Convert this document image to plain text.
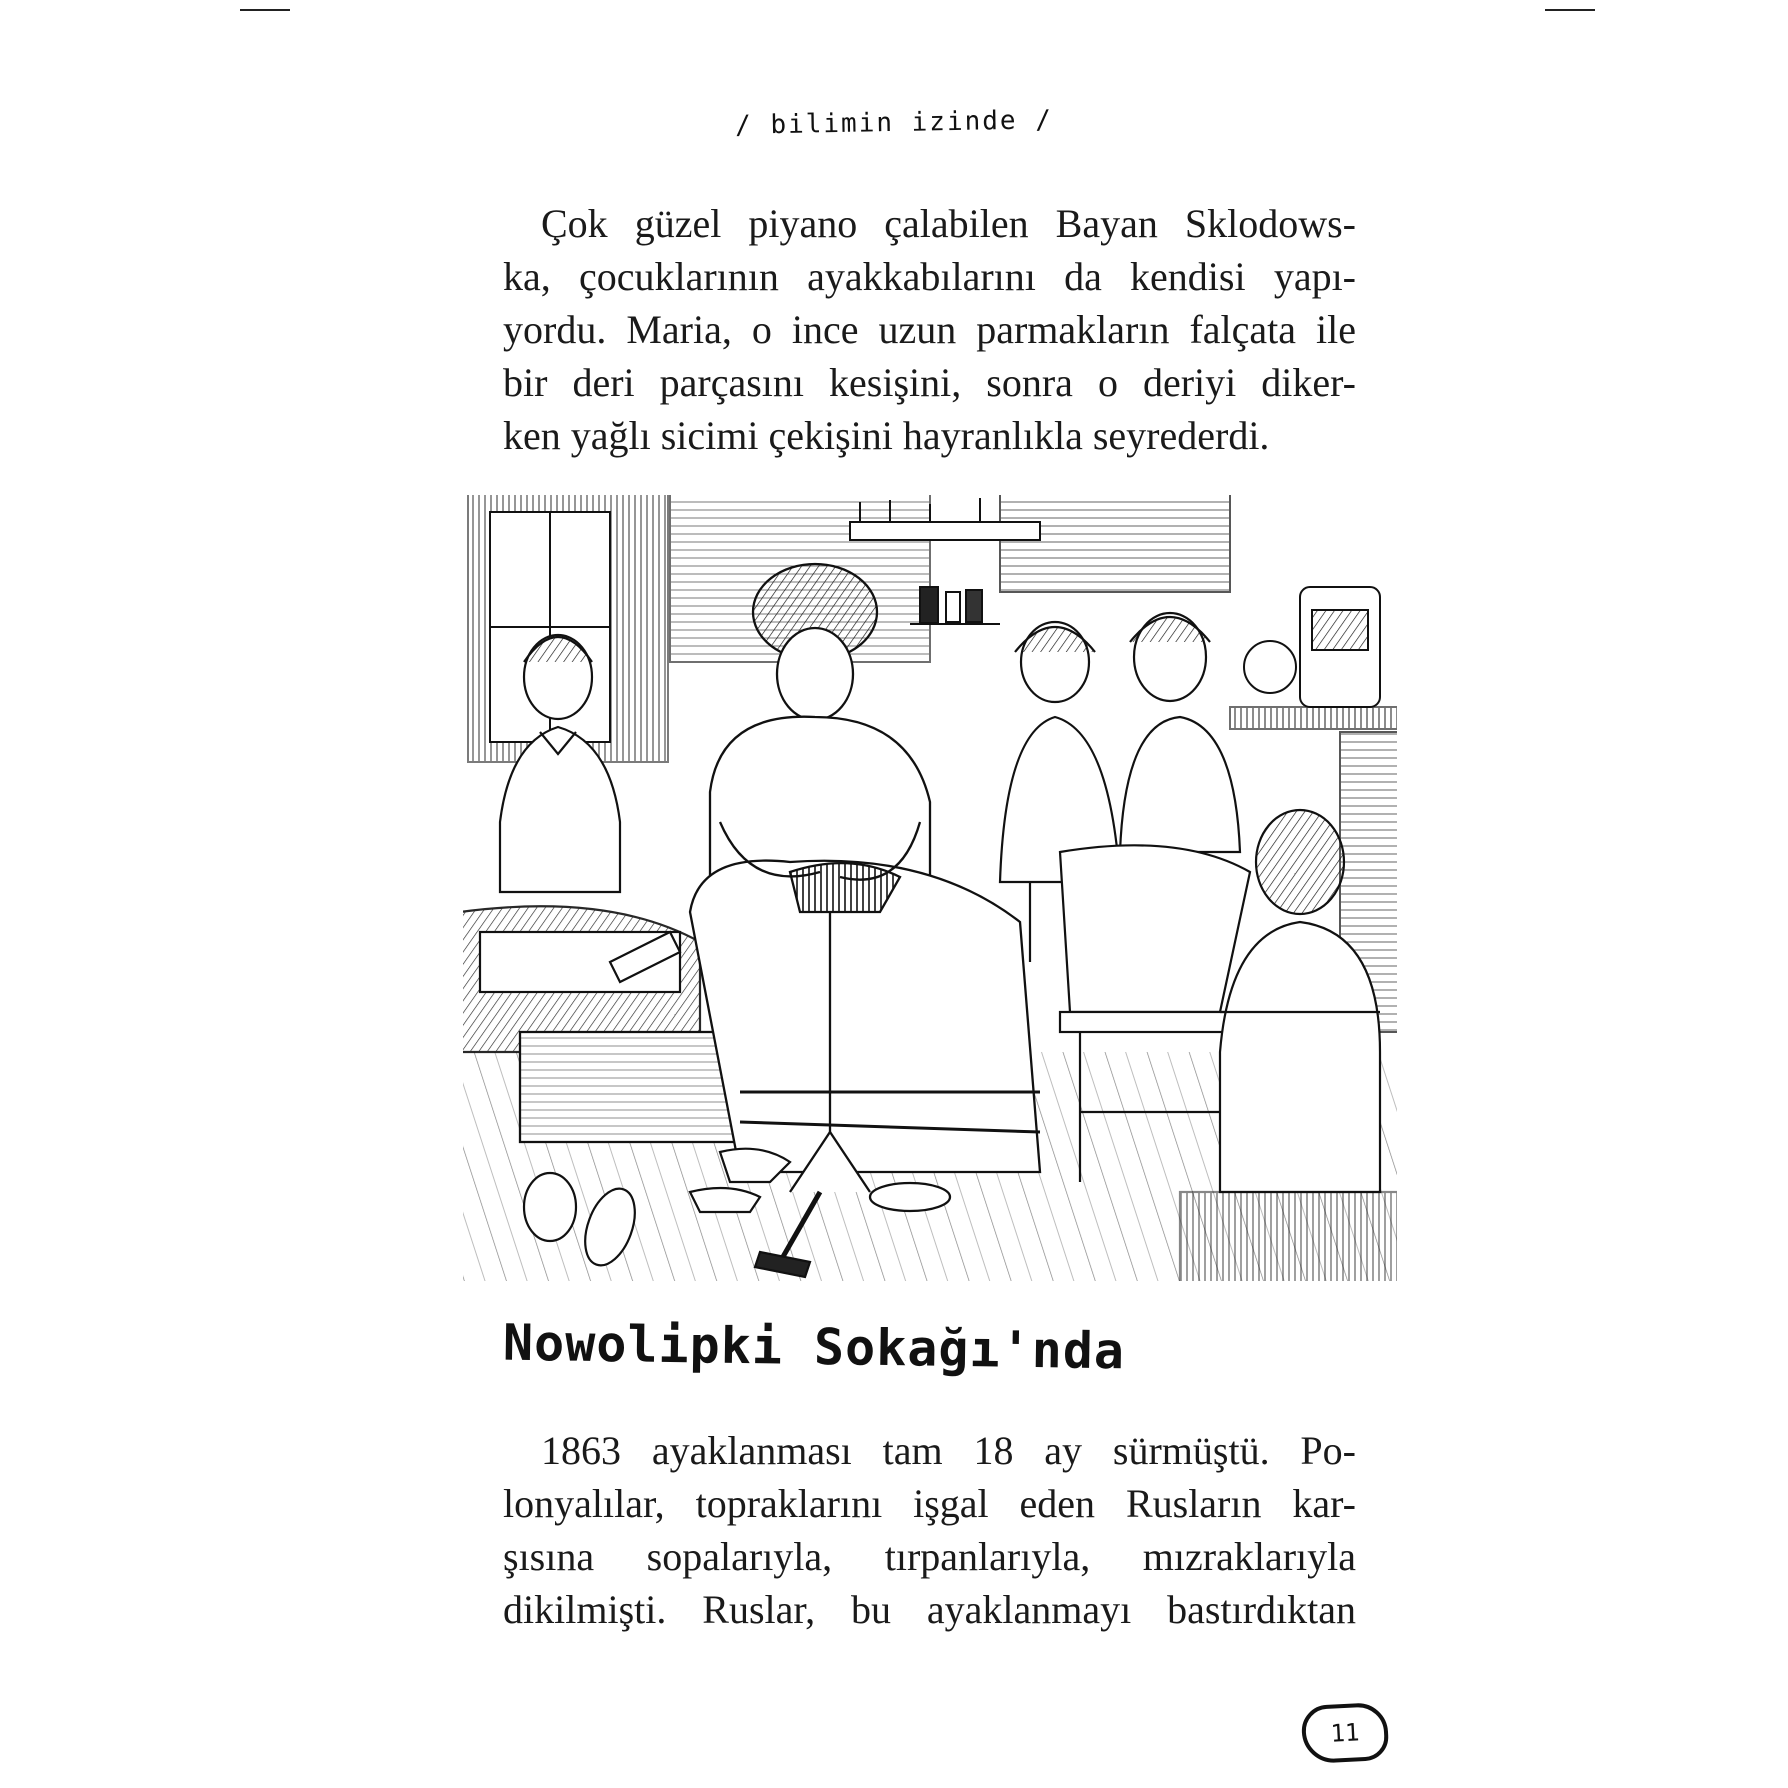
/ bilimin izinde /

Çok güzel piyano çalabilen Bayan Sklodows-
ka, çocuklarının ayakkabılarını da kendisi yapı-
yordu. Maria, o ince uzun parmakların falçata ile
bir deri parçasını kesişini, sonra o deriyi diker-
ken yağlı sicimi çekişini hayranlıkla seyrederdi.

Nowolipki Sokağı'nda

1863 ayaklanması tam 18 ay sürmüştü. Po-
lonyalılar, topraklarını işgal eden Rusların kar-
şısına sopalarıyla, tırpanlarıyla, mızraklarıyla
dikilmişti. Ruslar, bu ayaklanmayı bastırdıktan

11
